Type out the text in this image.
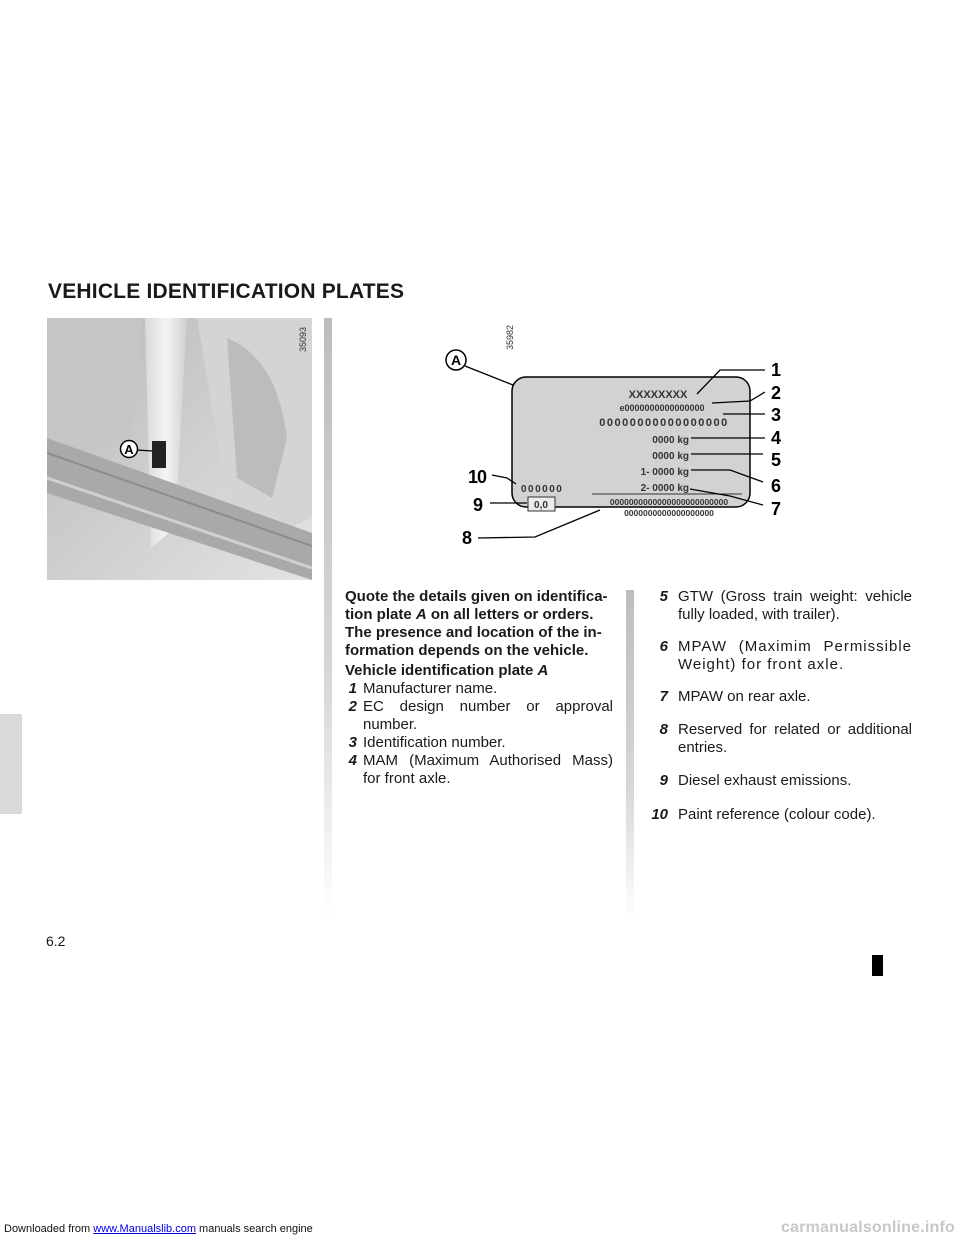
Downloaded from www.Manualslib.com manuals search engine	carmanualsonline.info
VEHICLE IDENTIFICATION PLATES
A
35093	35982
XXXXXXXX
e0000000000000000
00000000000000000
0000 kg
0000 kg
1- 0000 kg
2- 0000 kg
000000
0,0	0000000000000000000000000
0000000000000000000
A	1
2
3
4
5
6
7
8
9
10

Quote the details given on identifica-

tion plate A on all letters or orders.

The presence and location of the in-

formation depends on the vehicle.

Vehicle identification plate A
1 Manufacturer name.
2 EC design number or approval number.
3 Identification number.
4 MAM (Maximum Authorised Mass) for front axle.
5 GTW (Gross train weight: vehicle fully loaded, with trailer).
6 MPAW (Maximim Permissible Weight) for front axle.
7 MPAW on rear axle.
8 Reserved for related or additional entries.
9 Diesel exhaust emissions.
10 Paint reference (colour code).
6.2
